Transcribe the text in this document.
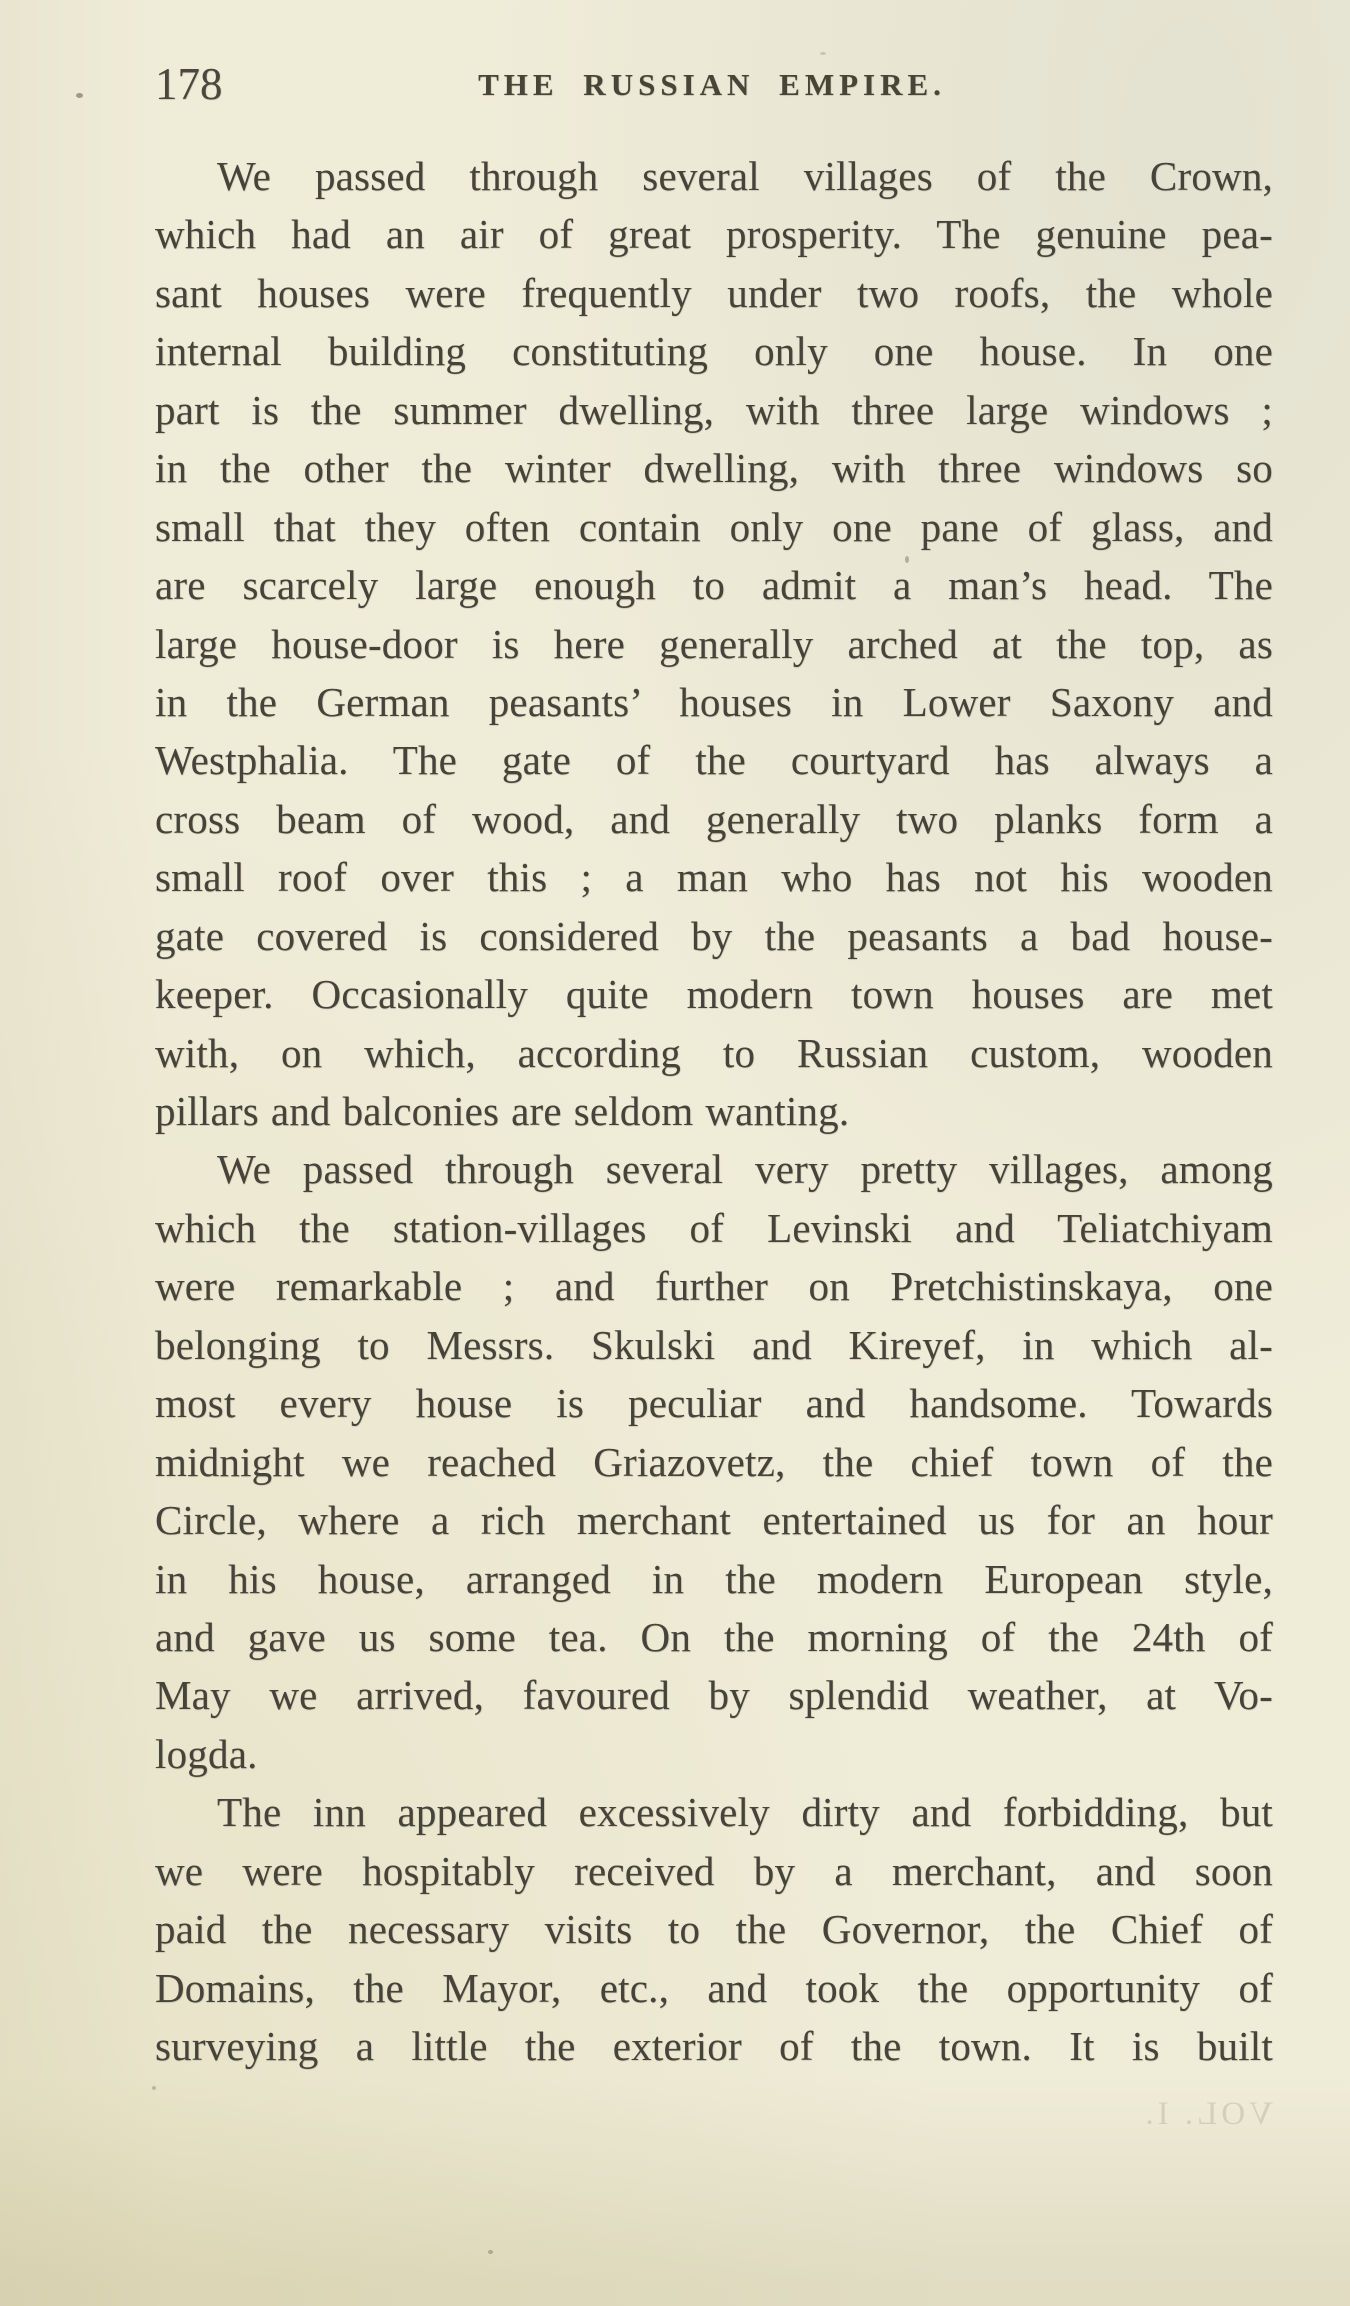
178	THE RUSSIAN EMPIRE.
We passed through several villages of the Crown,
which had an air of great prosperity. The genuine pea-
sant houses were frequently under two roofs, the whole
internal building constituting only one house. In one
part is the summer dwelling, with three large windows ;
in the other the winter dwelling, with three windows so
small that they often contain only one pane of glass, and
are scarcely large enough to admit a man’s head. The
large house-door is here generally arched at the top, as
in the German peasants’ houses in Lower Saxony and
Westphalia. The gate of the courtyard has always a
cross beam of wood, and generally two planks form a
small roof over this ; a man who has not his wooden
gate covered is considered by the peasants a bad house-
keeper. Occasionally quite modern town houses are met
with, on which, according to Russian custom, wooden
pillars and balconies are seldom wanting.
We passed through several very pretty villages, among
which the station-villages of Levinski and Teliatchiyam
were remarkable ; and further on Pretchistinskaya, one
belonging to Messrs. Skulski and Kireyef, in which al-
most every house is peculiar and handsome. Towards
midnight we reached Griazovetz, the chief town of the
Circle, where a rich merchant entertained us for an hour
in his house, arranged in the modern European style,
and gave us some tea. On the morning of the 24th of
May we arrived, favoured by splendid weather, at Vo-
logda.
The inn appeared excessively dirty and forbidding, but
we were hospitably received by a merchant, and soon
paid the necessary visits to the Governor, the Chief of
Domains, the Mayor, etc., and took the opportunity of
surveying a little the exterior of the town. It is built
VOL. I.
